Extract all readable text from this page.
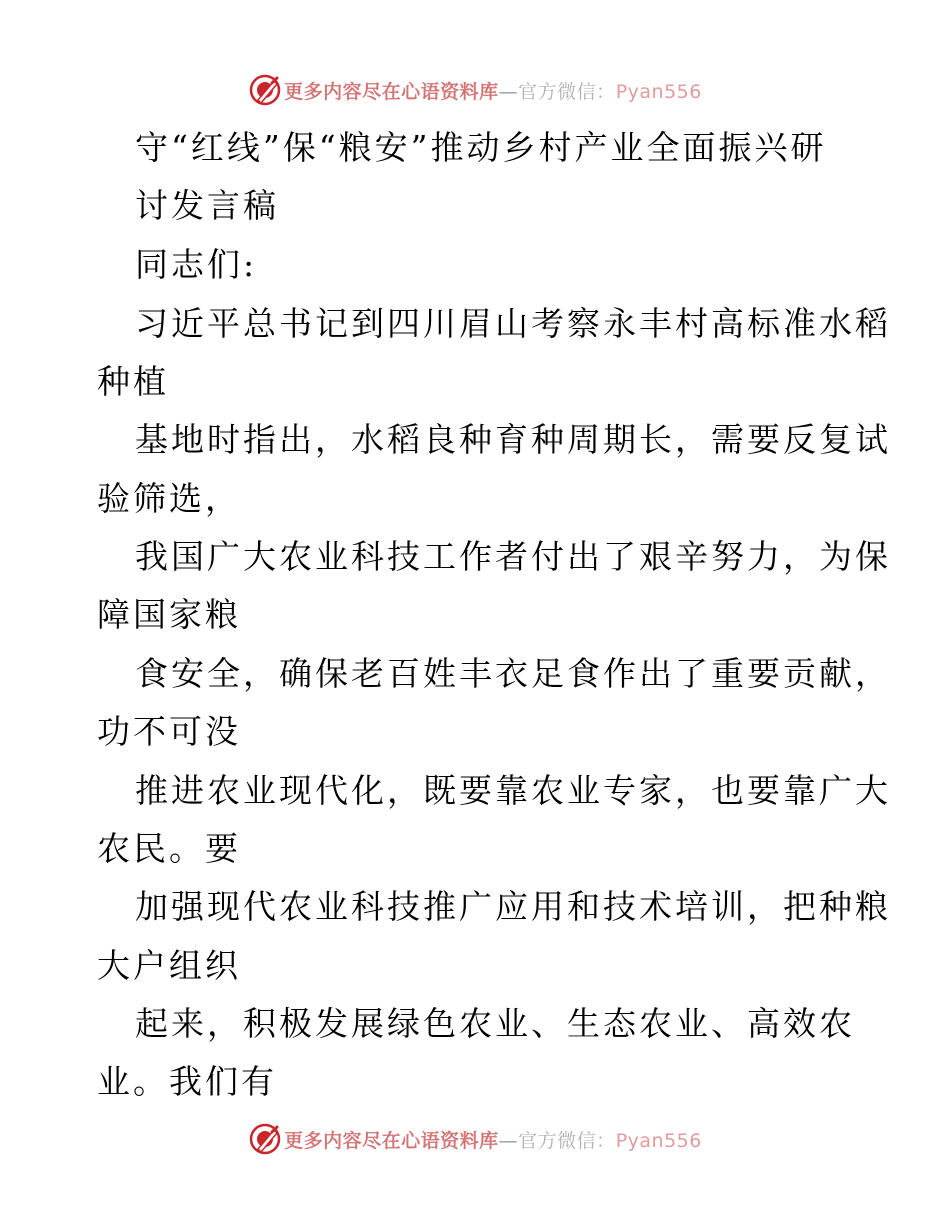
更多内容尽在心语资料库—官方微信：Pyan556
守“红线”保“粮安”推动乡村产业全面振兴研
讨发言稿
同志们:
习近平总书记到四川眉山考察永丰村高标准水稻
种植
基地时指出，水稻良种育种周期长，需要反复试
验筛选，
我国广大农业科技工作者付出了艰辛努力，为保
障国家粮
食安全，确保老百姓丰衣足食作出了重要贡献，
功不可没
推进农业现代化，既要靠农业专家，也要靠广大
农民。要
加强现代农业科技推广应用和技术培训，把种粮
大户组织
起来，积极发展绿色农业、生态农业、高效农
业。我们有
更多内容尽在心语资料库—官方微信：Pyan556
